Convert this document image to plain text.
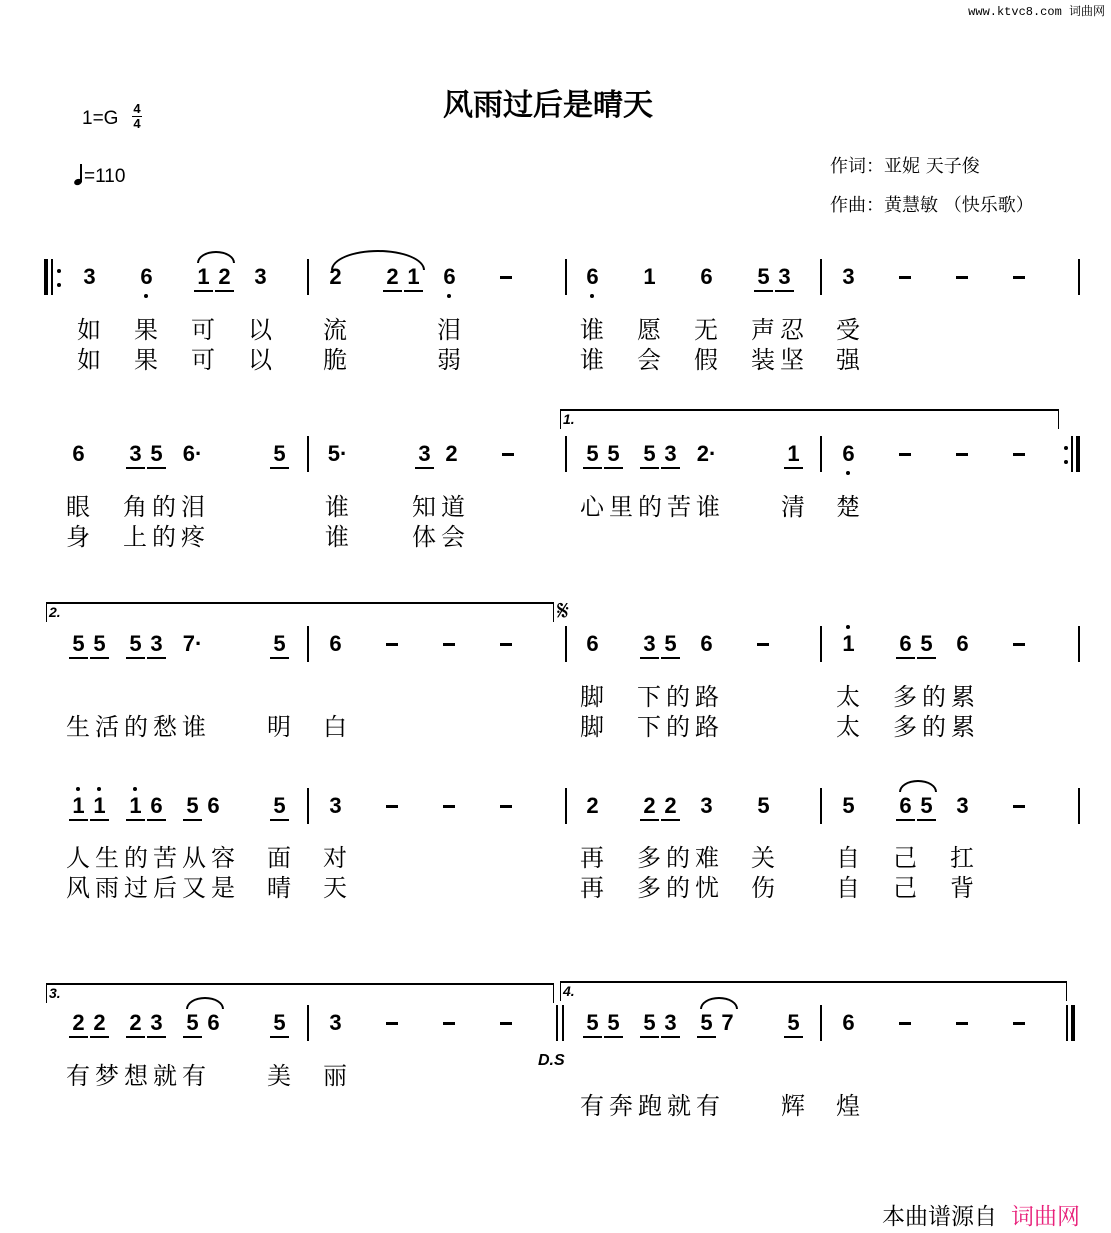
www.ktvc8.com 词曲网
风雨过后是晴天
1=G 4
4
=110	作词：亚妮 天子俊
作曲：黄慧敏 （快乐歌）
𝄋
D.S
1.
2.
3.	4.
3 6 1 2 3	2 2 1 6	6 1 6 5 3 3
如 果 可 以 流	泪	谁 愿 无 声忍 受
如 果 可 以 脆	弱	谁 会 假 装坚 强
6 3 5 6·	5 5·	3 2	5 5 5 3 2·	1 6
眼 角的泪	谁 知道	心里的苦谁 清 楚
身 上的疼	谁 体会
5 5 5 3 7·	5 6	6 3 5 6	1 6 5 6
脚 下的路	太 多的累
生活的愁谁 明 白	脚 下的路	太 多的累
1 1 1 6 5 6 5 3	2 2 2 3 5	5 6 5 3
人生的苦从容 面 对	再 多的难 关 自 己 扛
风雨过后又是 晴 天	再 多的忧 伤 自 己 背
2 2 2 3 5 6 5 3	5 5 5 3 5 7 5 6
有梦想就有 美 丽
有奔跑就有 辉 煌
本曲谱源自 词曲网
